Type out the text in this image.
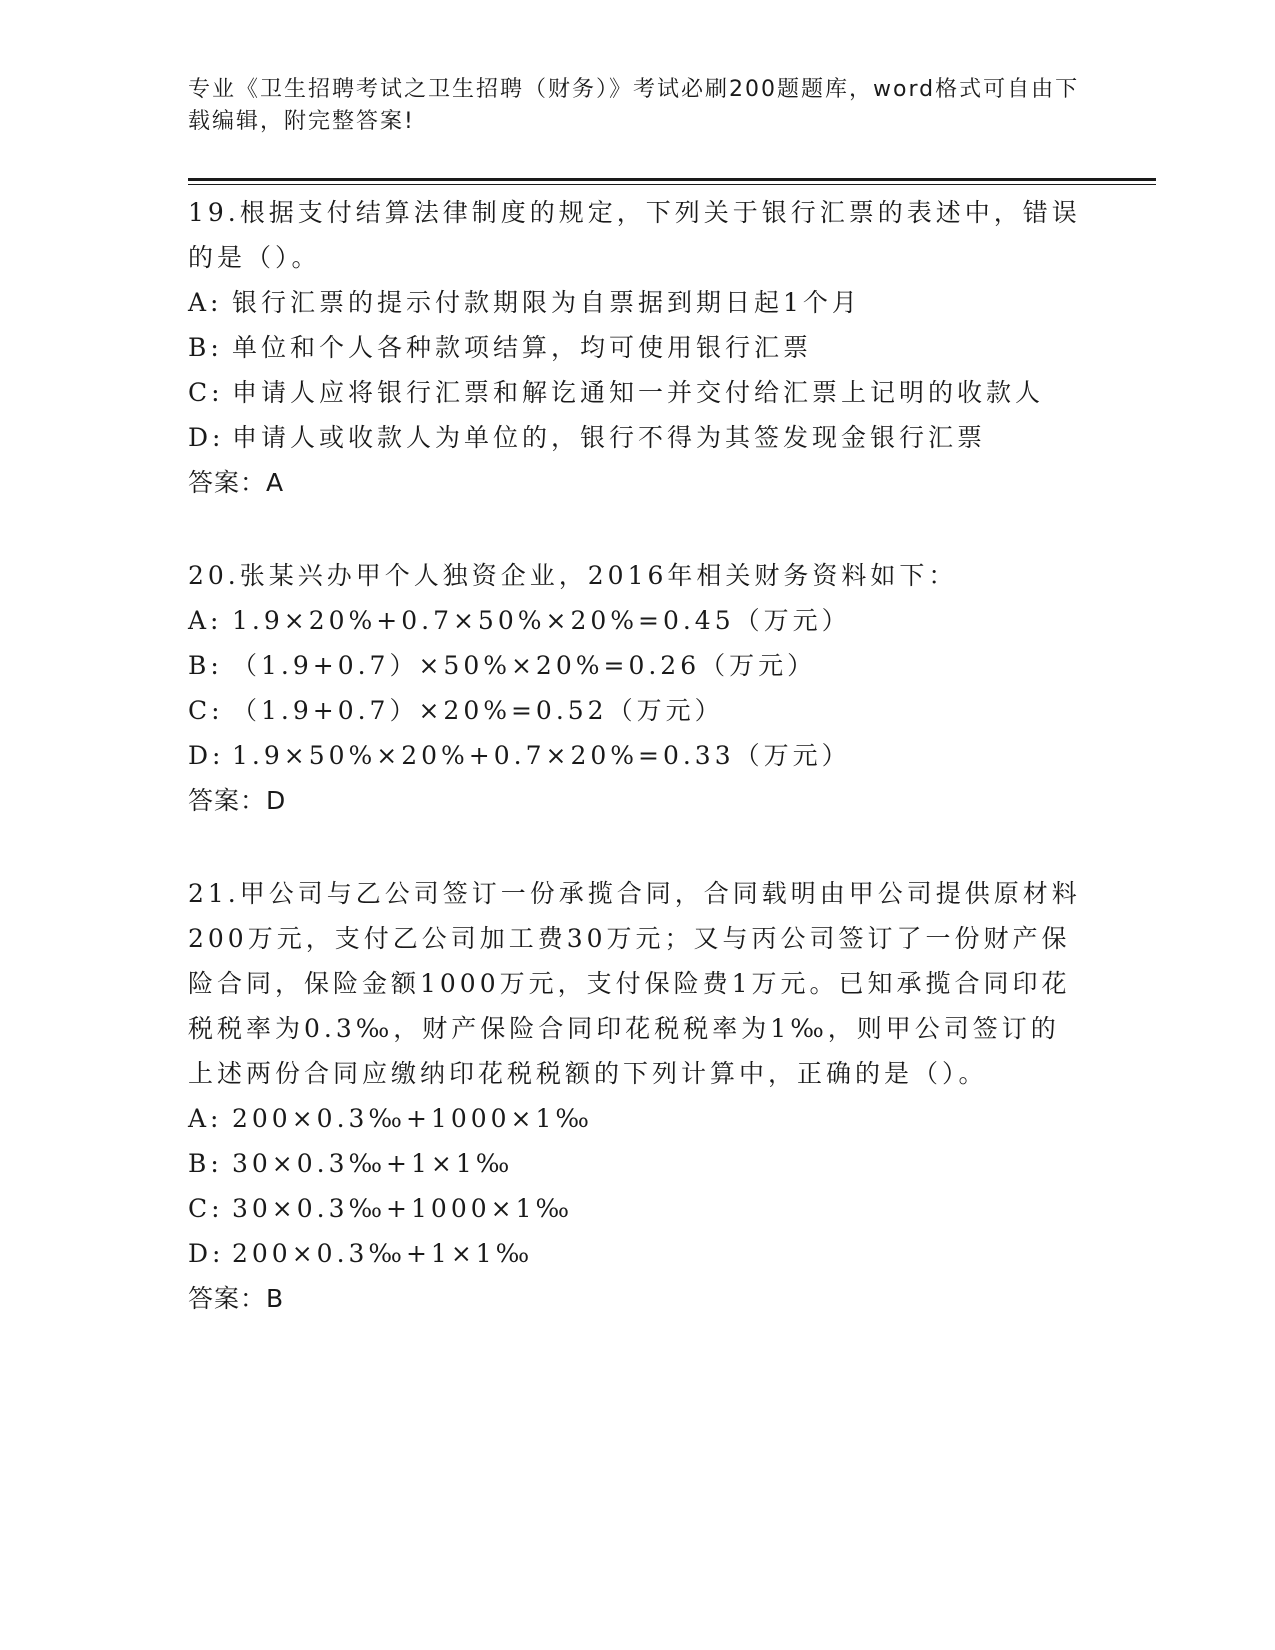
专业《卫生招聘考试之卫生招聘（财务）》考试必刷200题题库，word格式可自由下载编辑，附完整答案!
19.根据支付结算法律制度的规定，下列关于银行汇票的表述中，错误的是（）。
A: 银行汇票的提示付款期限为自票据到期日起1个月
B: 单位和个人各种款项结算，均可使用银行汇票
C: 申请人应将银行汇票和解讫通知一并交付给汇票上记明的收款人
D: 申请人或收款人为单位的，银行不得为其签发现金银行汇票
答案：A
20.张某兴办甲个人独资企业，2016年相关财务资料如下：
A: 1.9×20%+0.7×50%×20%=0.45（万元）
B: （1.9+0.7）×50%×20%=0.26（万元）
C: （1.9+0.7）×20%=0.52（万元）
D: 1.9×50%×20%+0.7×20%=0.33（万元）
答案：D
21.甲公司与乙公司签订一份承揽合同，合同载明由甲公司提供原材料200万元，支付乙公司加工费30万元；又与丙公司签订了一份财产保险合同，保险金额1000万元，支付保险费1万元。已知承揽合同印花税税率为0.3‰，财产保险合同印花税税率为1‰，则甲公司签订的上述两份合同应缴纳印花税税额的下列计算中，正确的是（）。
A: 200×0.3‰+1000×1‰
B: 30×0.3‰+1×1‰
C: 30×0.3‰+1000×1‰
D: 200×0.3‰+1×1‰
答案：B
